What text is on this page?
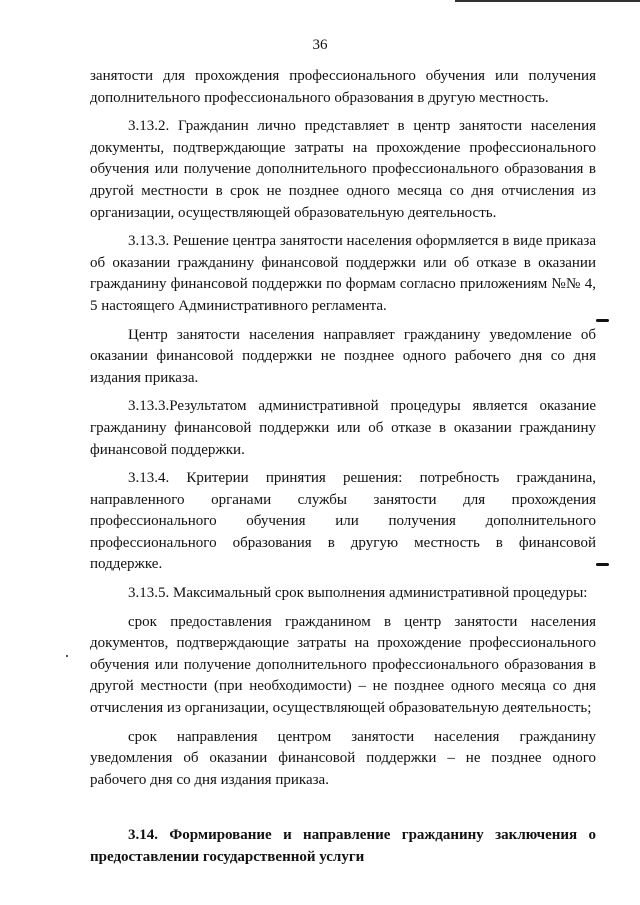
36

занятости для прохождения профессионального обучения или получения дополнительного профессионального образования в другую местность.

3.13.2. Гражданин лично представляет в центр занятости населения документы, подтверждающие затраты на прохождение профессионального обучения или получение дополнительного профессионального образования в другой местности в срок не позднее одного месяца со дня отчисления из организации, осуществляющей образовательную деятельность.

3.13.3. Решение центра занятости населения оформляется в виде приказа об оказании гражданину финансовой поддержки или об отказе в оказании гражданину финансовой поддержки по формам согласно приложениям №№ 4, 5 настоящего Административного регламента.

Центр занятости населения направляет гражданину уведомление об оказании финансовой поддержки не позднее одного рабочего дня со дня издания приказа.

3.13.3.Результатом административной процедуры является оказание гражданину финансовой поддержки или об отказе в оказании гражданину финансовой поддержки.

3.13.4. Критерии принятия решения: потребность гражданина, направленного органами службы занятости для прохождения профессионального обучения или получения дополнительного профессионального образования в другую местность в финансовой поддержке.

3.13.5. Максимальный срок выполнения административной процедуры:

срок предоставления гражданином в центр занятости населения документов, подтверждающие затраты на прохождение профессионального обучения или получение дополнительного профессионального образования в другой местности (при необходимости) – не позднее одного месяца со дня отчисления из организации, осуществляющей образовательную деятельность;

срок направления центром занятости населения гражданину уведомления об оказании финансовой поддержки – не позднее одного рабочего дня со дня издания приказа.

3.14. Формирование и направление гражданину заключения о предоставлении государственной услуги
